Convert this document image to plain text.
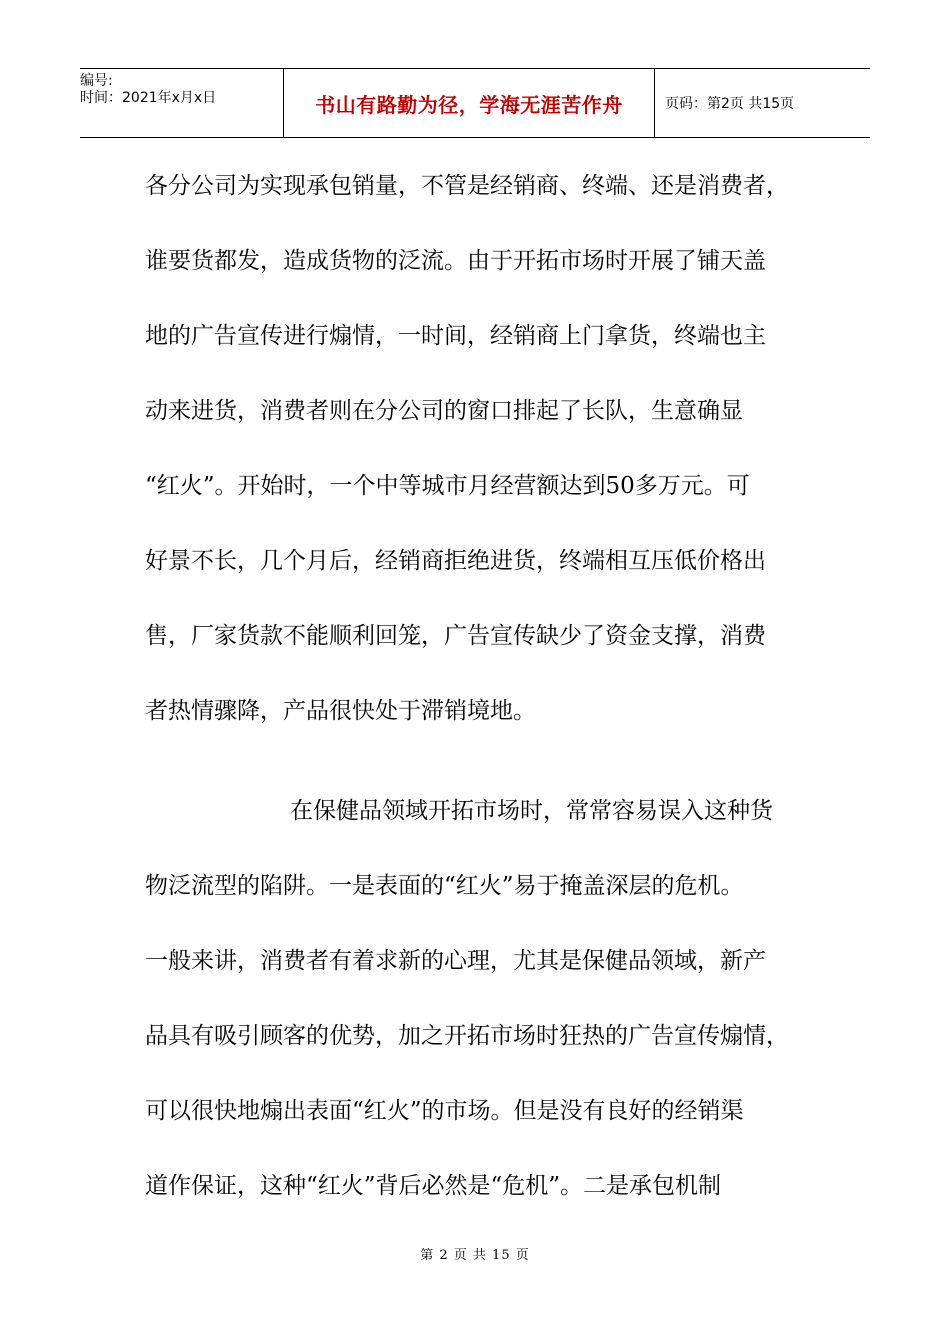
编号:
时间：2021年x月x日	书山有路勤为径，学海无涯苦作舟	页码：第2页 共15页

各分公司为实现承包销量，不管是经销商、终端、还是消费者，

谁要货都发，造成货物的泛流。由于开拓市场时开展了铺天盖

地的广告宣传进行煽情，一时间，经销商上门拿货，终端也主

动来进货，消费者则在分公司的窗口排起了长队，生意确显

“红火”。开始时，一个中等城市月经营额达到50多万元。可

好景不长，几个月后，经销商拒绝进货，终端相互压低价格出

售，厂家货款不能顺利回笼，广告宣传缺少了资金支撑，消费

者热情骤降，产品很快处于滞销境地。

在保健品领域开拓市场时，常常容易误入这种货

物泛流型的陷阱。一是表面的“红火”易于掩盖深层的危机。

一般来讲，消费者有着求新的心理，尤其是保健品领域，新产

品具有吸引顾客的优势，加之开拓市场时狂热的广告宣传煽情，

可以很快地煽出表面“红火”的市场。但是没有良好的经销渠

道作保证，这种“红火”背后必然是“危机”。二是承包机制

第 2 页 共 15 页
